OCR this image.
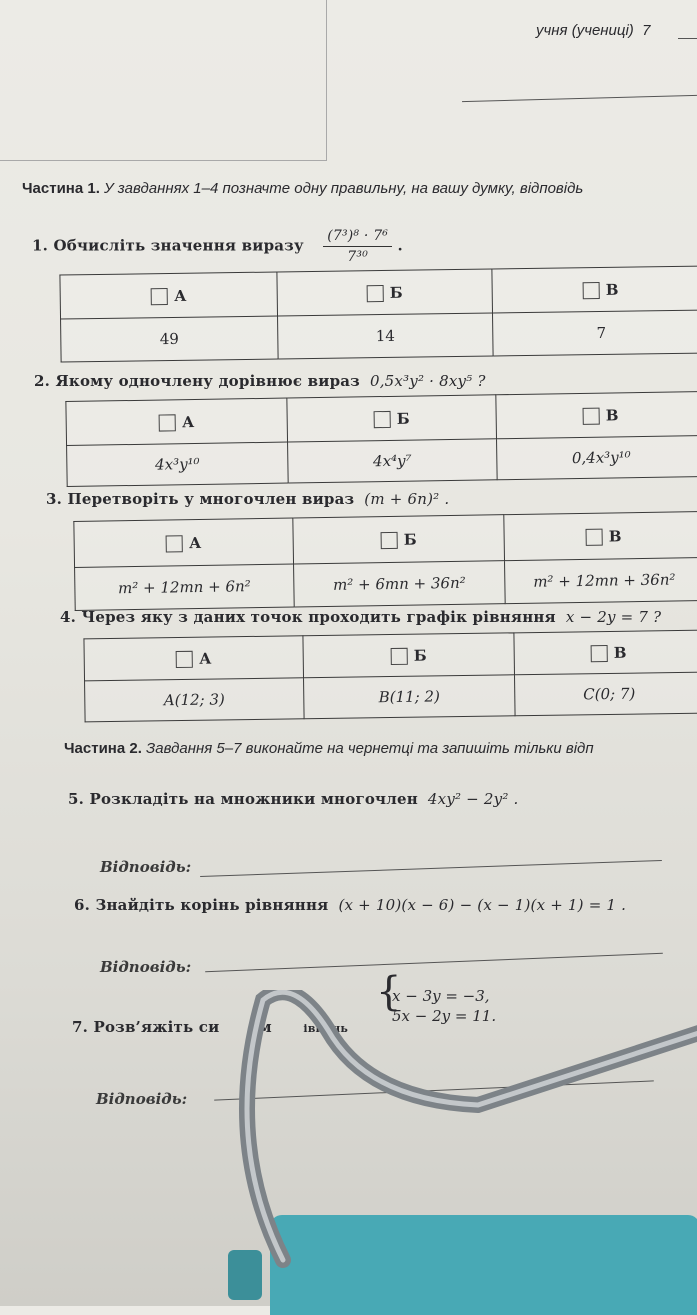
учня (учениці) 7
Частина 1. У завданнях 1–4 позначте одну правильну, на вашу думку, відповідь
1. Обчисліть значення виразу $\frac{\text{(7³)⁸ · 7⁶}}{\text{7³⁰}}$ .
А	Б	В
49	14	7
2. Якому одночлену дорівнює вираз 0,5x³y² · 8xy⁵ ?
А	Б	В
4x³y¹⁰	4x⁴y⁷	0,4x³y¹⁰
3. Перетворіть у многочлен вираз (m + 6n)² .
А	Б	В
m² + 12mn + 6n²	m² + 6mn + 36n²	m² + 12mn + 36n²
4. Через яку з даних точок проходить графік рівняння x − 2y = 7 ?
А	Б	В
A(12; 3)	B(11; 2)	C(0; 7)
Частина 2. Завдання 5–7 виконайте на чернетці та запишіть тільки відп
5. Розкладіть на множники многочлен 4xy² − 2y² .
Відповідь:
6. Знайдіть корінь рівняння (x + 10)(x − 6) − (x − 1)(x + 1) = 1 .
Відповідь:
7. Розв’яжіть си ем	івнянь
{
x − 3y = −3,
5x − 2y = 11.
Відповідь:
